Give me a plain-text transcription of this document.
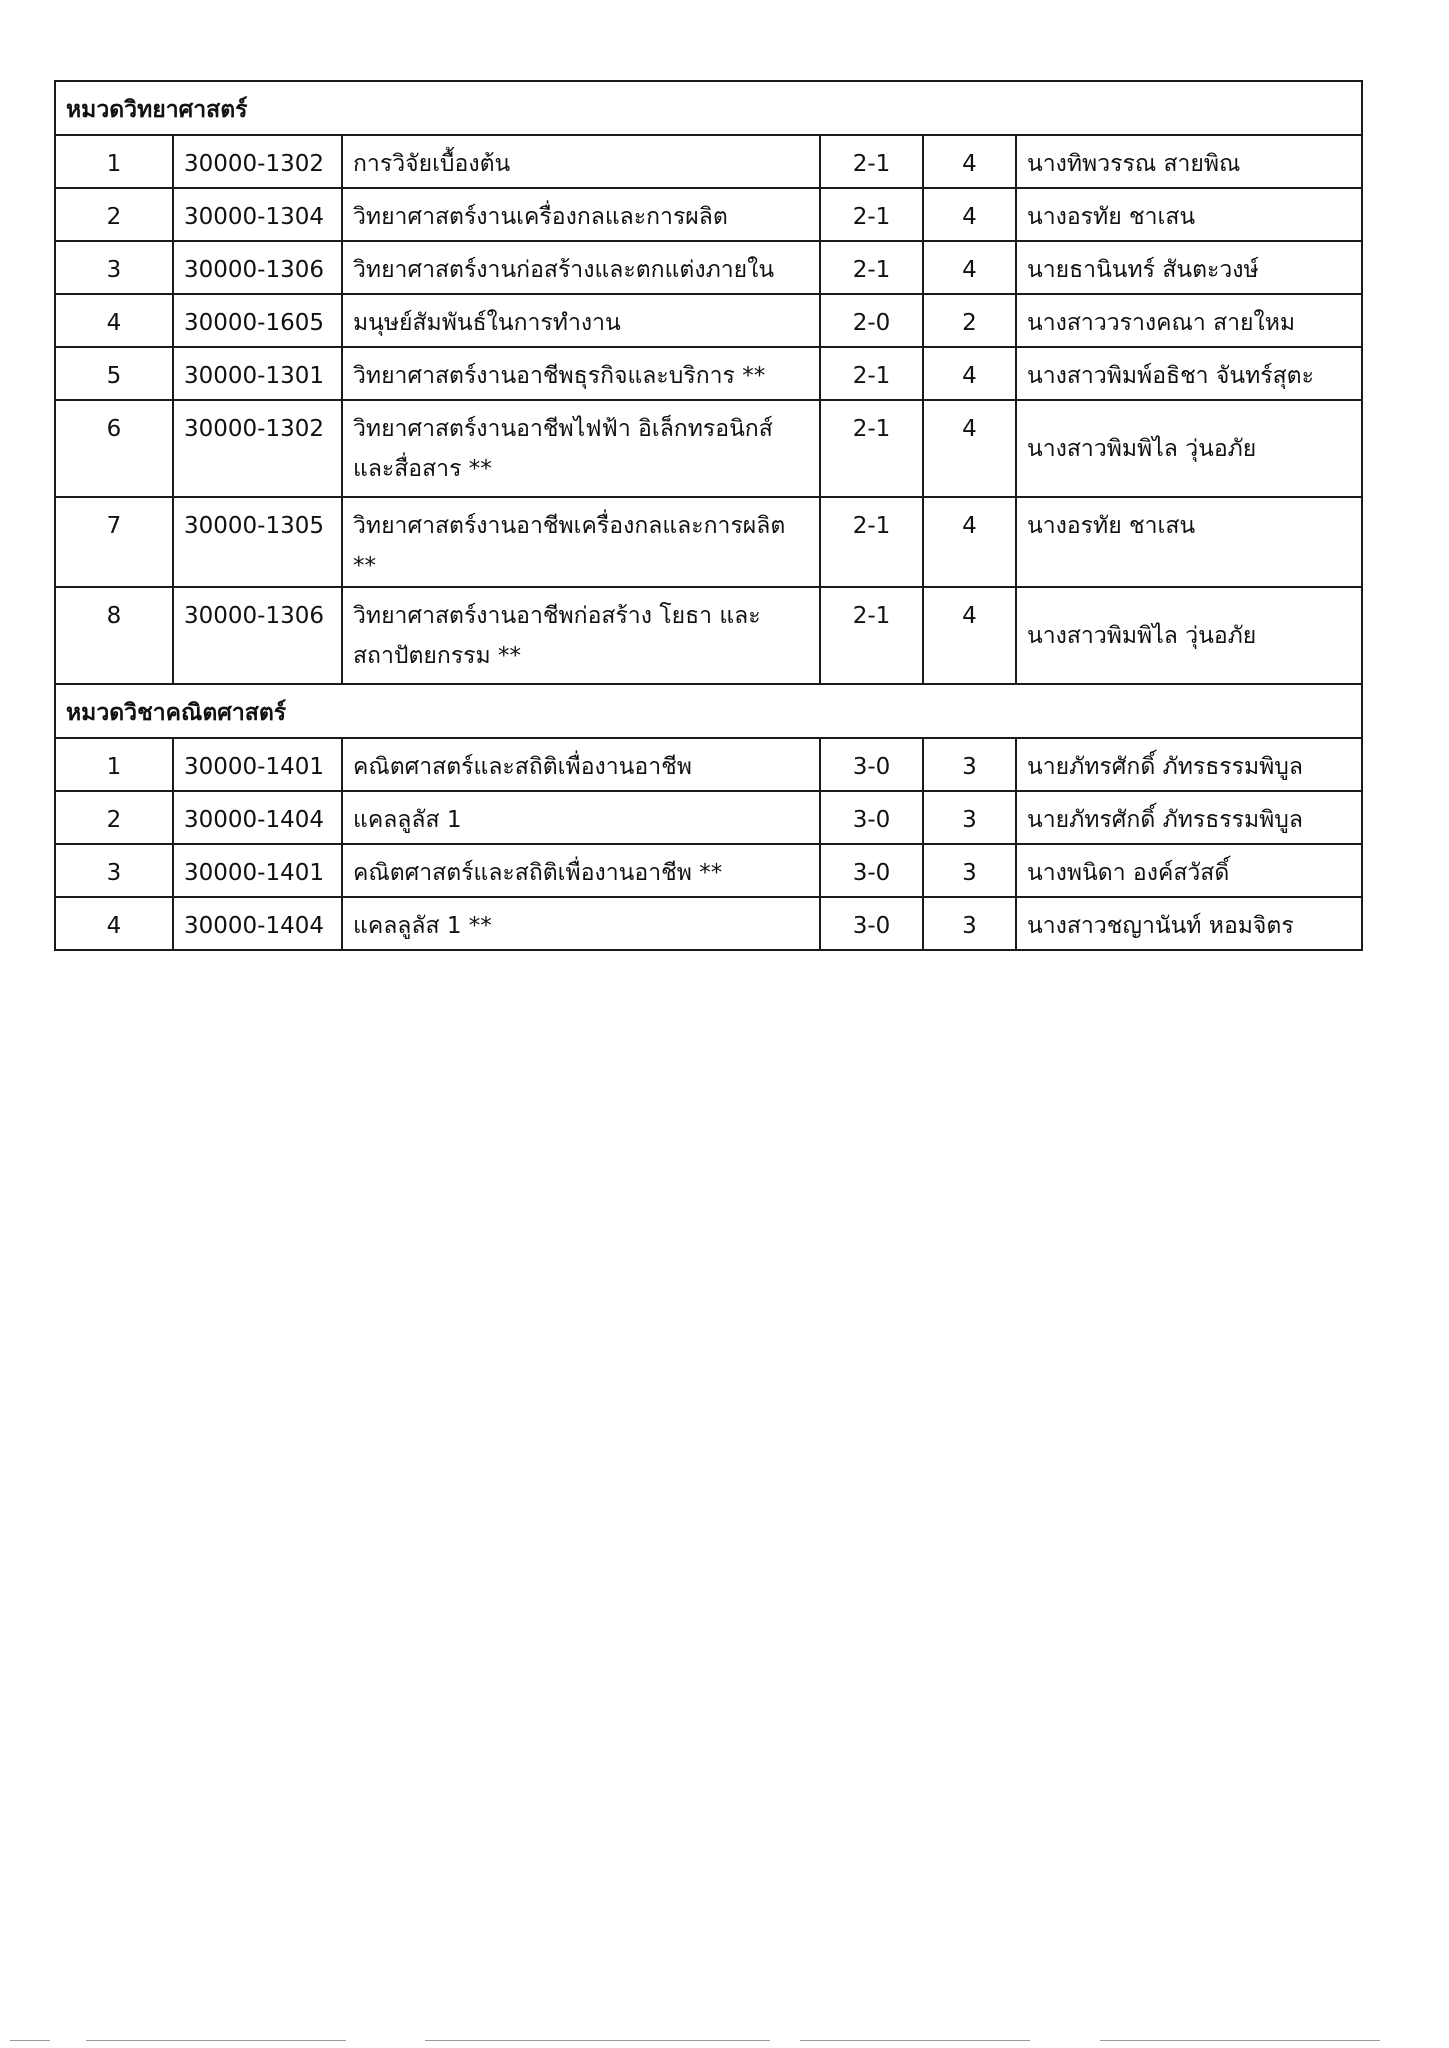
หมวดวิทยาศาสตร์					
1	30000-1302	การวิจัยเบื้องต้น	2-1	4	นางทิพวรรณ สายพิณ
2	30000-1304	วิทยาศาสตร์งานเครื่องกลและการผลิต	2-1	4	นางอรทัย ชาเสน
3	30000-1306	วิทยาศาสตร์งานก่อสร้างและตกแต่งภายใน	2-1	4	นายธานินทร์ สันตะวงษ์
4	30000-1605	มนุษย์สัมพันธ์ในการทำงาน	2-0	2	นางสาววรางคณา สายใหม
5	30000-1301	วิทยาศาสตร์งานอาชีพธุรกิจและบริการ **	2-1	4	นางสาวพิมพ์อธิชา จันทร์สุตะ
6	30000-1302	วิทยาศาสตร์งานอาชีพไฟฟ้า อิเล็กทรอนิกส์
และสื่อสาร **	2-1	4	นางสาวพิมพิไล วุ่นอภัย
7	30000-1305	วิทยาศาสตร์งานอาชีพเครื่องกลและการผลิต **	2-1	4	นางอรทัย ชาเสน
8	30000-1306	วิทยาศาสตร์งานอาชีพก่อสร้าง โยธา และ
สถาปัตยกรรม **	2-1	4	นางสาวพิมพิไล วุ่นอภัย
หมวดวิชาคณิตศาสตร์					
1	30000-1401	คณิตศาสตร์และสถิติเพื่องานอาชีพ	3-0	3	นายภัทรศักดิ์ ภัทรธรรมพิบูล
2	30000-1404	แคลลูลัส 1	3-0	3	นายภัทรศักดิ์ ภัทรธรรมพิบูล
3	30000-1401	คณิตศาสตร์และสถิติเพื่องานอาชีพ **	3-0	3	นางพนิดา องค์สวัสดิ์
4	30000-1404	แคลลูลัส 1 **	3-0	3	นางสาวชญานันท์ หอมจิตร
